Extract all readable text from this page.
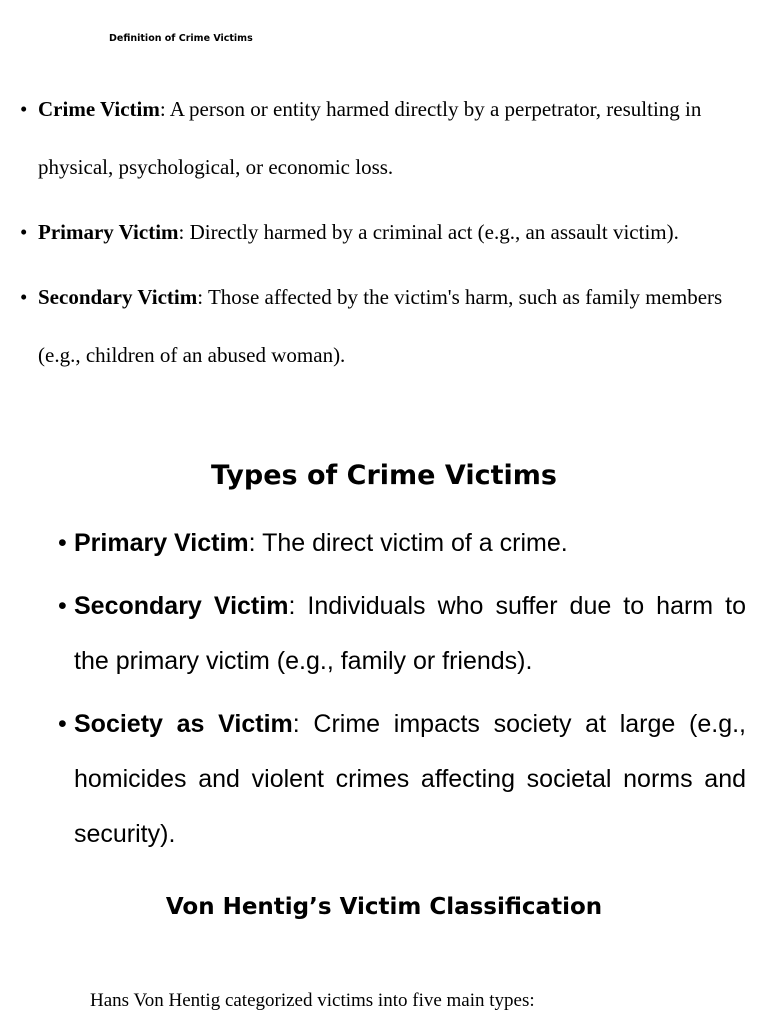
Definition of Crime Victims

• Crime Victim: A person or entity harmed directly by a perpetrator, resulting in physical, psychological, or economic loss.
• Primary Victim: Directly harmed by a criminal act (e.g., an assault victim).
• Secondary Victim: Those affected by the victim's harm, such as family members (e.g., children of an abused woman).
Types of Crime Victims
• Primary Victim: The direct victim of a crime.
• Secondary Victim: Individuals who suffer due to harm to the primary victim (e.g., family or friends).
• Society as Victim: Crime impacts society at large (e.g., homicides and violent crimes affecting societal norms and security).
Von Hentig’s Victim Classification

Hans Von Hentig categorized victims into five main types:
